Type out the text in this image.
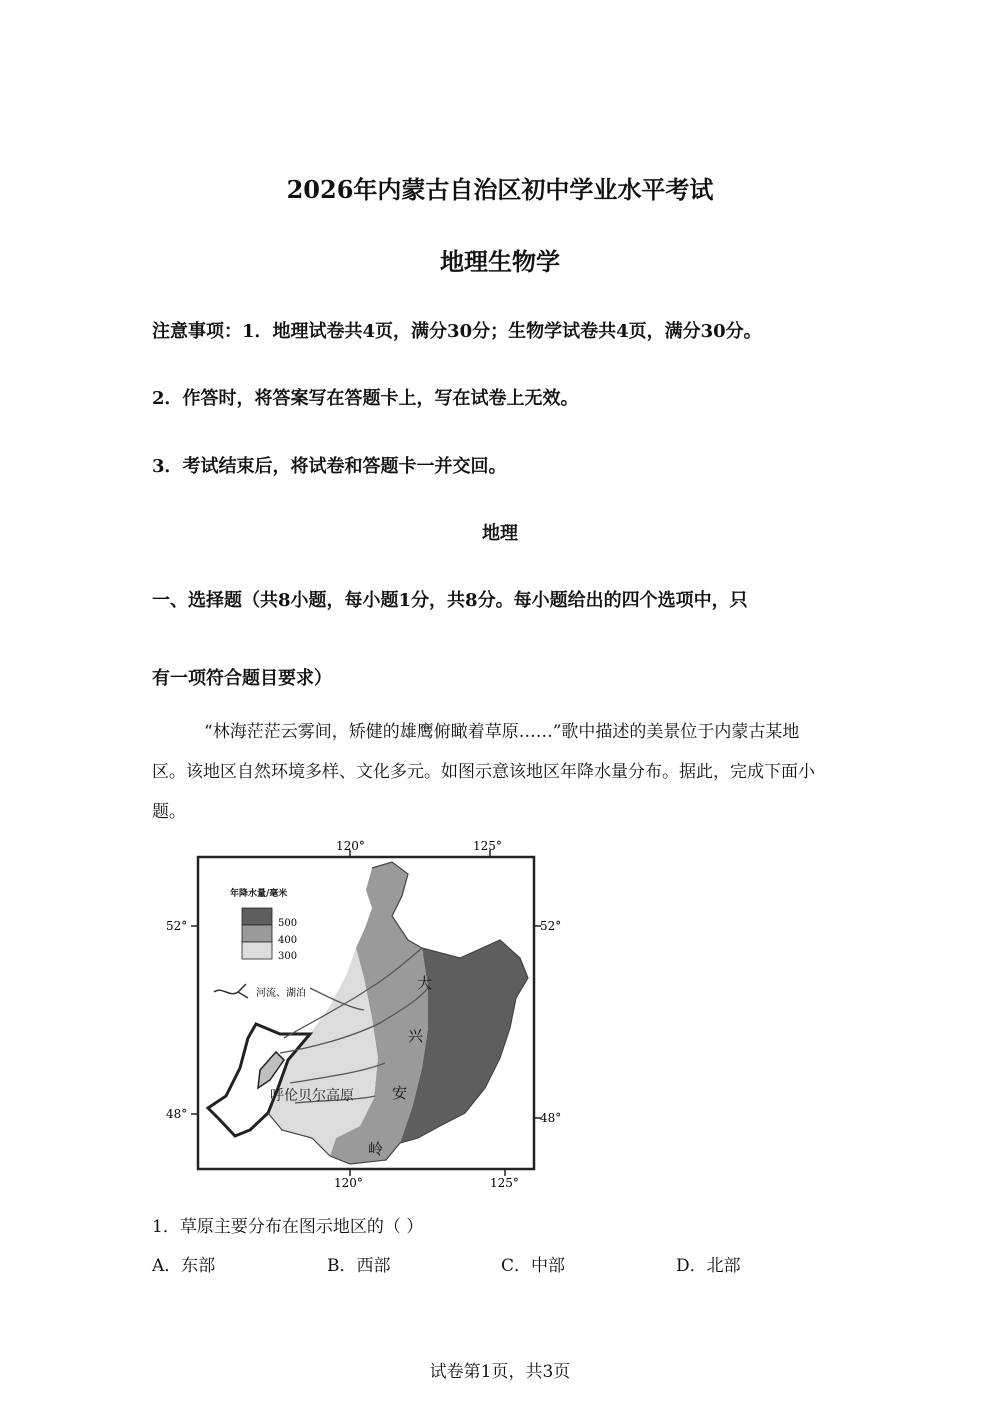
2026年内蒙古自治区初中学业水平考试
地理生物学
注意事项：1．地理试卷共4页，满分30分；生物学试卷共4页，满分30分。
2．作答时，将答案写在答题卡上，写在试卷上无效。
3．考试结束后，将试卷和答题卡一并交回。
地理
一、选择题（共8小题，每小题1分，共8分。每小题给出的四个选项中，只
有一项符合题目要求）
“林海茫茫云雾间，矫健的雄鹰俯瞰着草原……”歌中描述的美景位于内蒙古某地
区。该地区自然环境多样、文化多元。如图示意该地区年降水量分布。据此，完成下面小
题。
年降水量/毫米
500
400
300
河流、湖泊
120°	125°
120°	125°
52°	52°
48°	48°
呼伦贝尔高原
大
兴
安
岭
1．草原主要分布在图示地区的（ ）
A．东部	B．西部	C．中部	D．北部
试卷第1页，共3页
